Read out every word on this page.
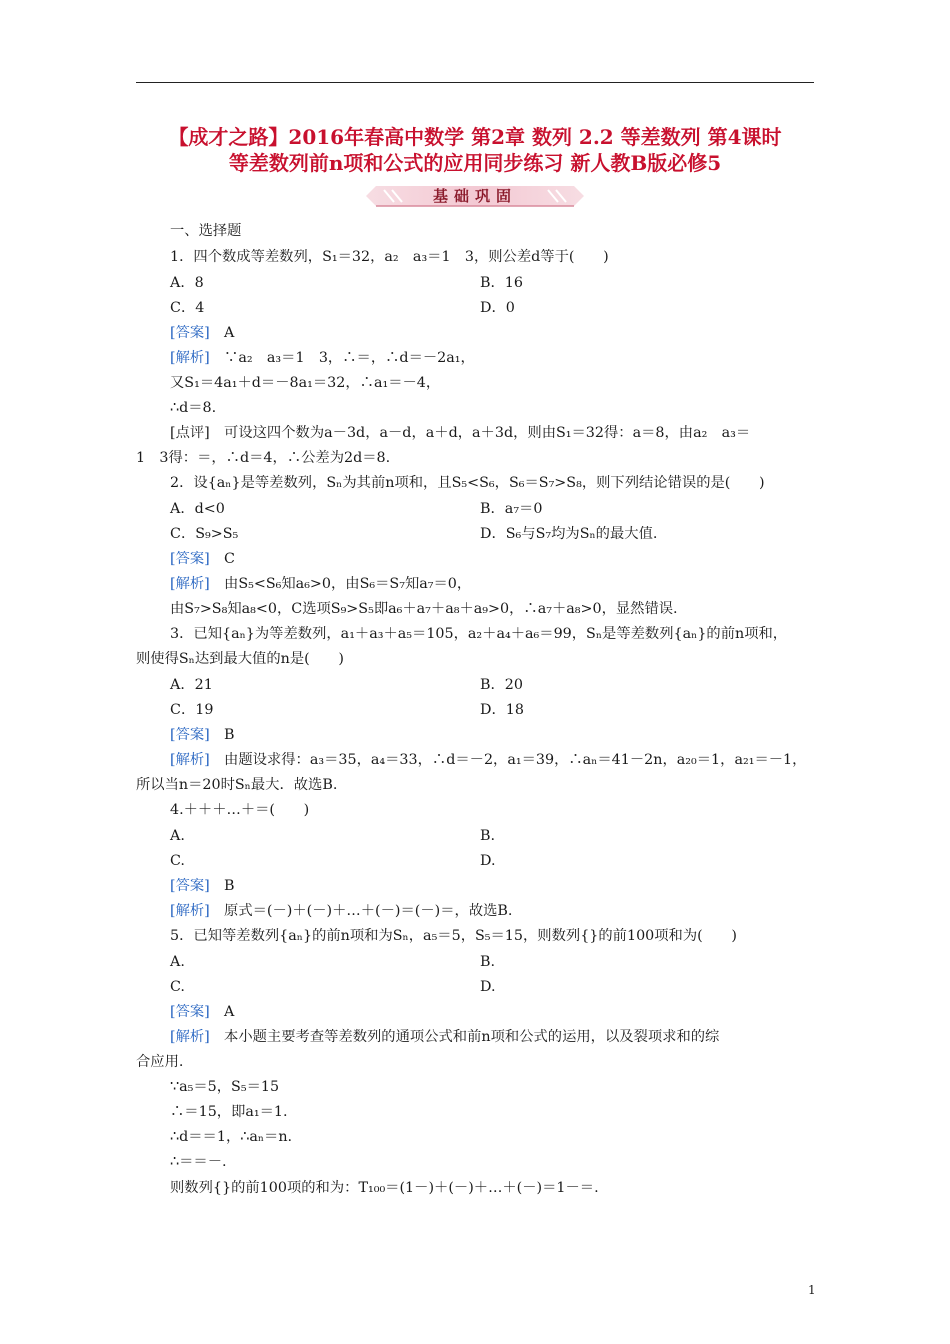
【成才之路】2016年春高中数学 第2章 数列 2.2 等差数列 第4课时
等差数列前n项和公式的应用同步练习 新人教B版必修5
基础巩固
一、选择题
1．四个数成等差数列，S₁＝32，a₂　a₃＝1　3，则公差d等于(　　)
A．8	B．16
C．4	D．0
[答案]　A
[解析]　∵a₂　a₃＝1　3，∴＝，∴d＝－2a₁，
又S₁＝4a₁＋d＝－8a₁＝32，∴a₁＝－4，
∴d＝8.
[点评]　可设这四个数为a－3d，a－d，a＋d，a＋3d，则由S₁＝32得：a＝8，由a₂　a₃＝
1　3得：＝，∴d＝4，∴公差为2d＝8.
2．设{aₙ}是等差数列，Sₙ为其前n项和，且S₅<S₆，S₆＝S₇>S₈，则下列结论错误的是(　　)
A．d<0	B．a₇＝0
C．S₉>S₅	D．S₆与S₇均为Sₙ的最大值.
[答案]　C
[解析]　由S₅<S₆知a₆>0，由S₆＝S₇知a₇＝0，
由S₇>S₈知a₈<0，C选项S₉>S₅即a₆＋a₇＋a₈＋a₉>0，∴a₇＋a₈>0，显然错误.
3．已知{aₙ}为等差数列，a₁＋a₃＋a₅＝105，a₂＋a₄＋a₆＝99，Sₙ是等差数列{aₙ}的前n项和，
则使得Sₙ达到最大值的n是(　　)
A．21	B．20
C．19	D．18
[答案]　B
[解析]　由题设求得：a₃＝35，a₄＝33，∴d＝－2，a₁＝39，∴aₙ＝41－2n，a₂₀＝1，a₂₁＝－1，
所以当n＝20时Sₙ最大．故选B.
4.＋＋＋…＋＝(　　)
A.	B.
C.	D.
[答案]　B
[解析]　原式＝(－)＋(－)＋…＋(－)＝(－)＝，故选B.
5．已知等差数列{aₙ}的前n项和为Sₙ，a₅＝5，S₅＝15，则数列{}的前100项和为(　　)
A.	B.
C.	D.
[答案]　A
[解析]　本小题主要考查等差数列的通项公式和前n项和公式的运用，以及裂项求和的综
合应用.
∵a₅＝5，S₅＝15
∴＝15，即a₁＝1.
∴d＝＝1，∴aₙ＝n.
∴＝＝－.
则数列{}的前100项的和为：T₁₀₀＝(1－)＋(－)＋…＋(－)＝1－＝.
1
